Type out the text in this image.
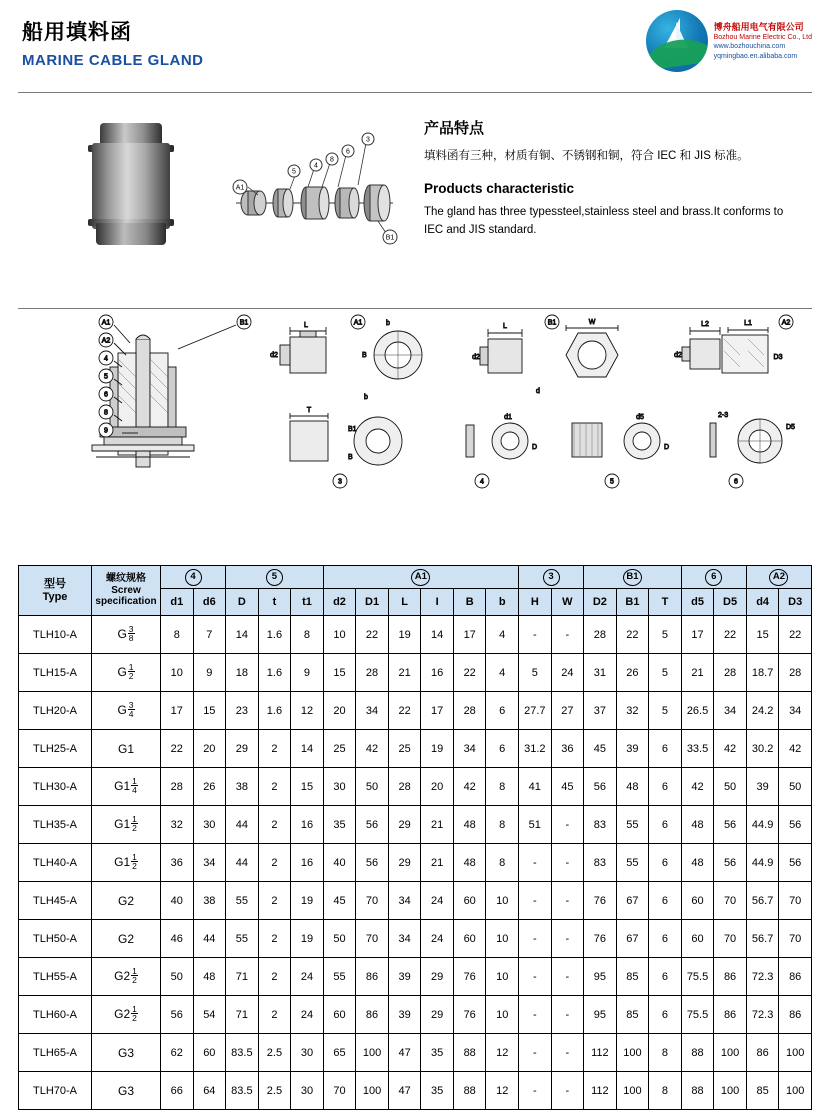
船用填料函
MARINE CABLE GLAND
博舟船用电气有限公司
Bozhou Marine Electric Co., Ltd
www.bozhouchina.com
yqmingbao.en.alibaba.com
3
6
8
4
5
A1
B1
产品特点
填料函有三种，材质有铜、不锈钢和铜，符合 IEC 和 JIS 标准。
Products characteristic
The gland has three typessteel,stainless steel and brass.It conforms to IEC and JIS standard.
A1
A2
4
5
6
8
9
B1	L
d2	B
b
b
A1	L
d2
W
d
B1	L2	L1
d2	D3
A2
T
B1
B
3
d1
D
4
d5
D
5
2-3
D5
6
型号
Type	螺纹规格
Screw
specification	4		5			A1						3		B1			6		A2	
		d1	d6	D	t	t1	d2	D1	L	I	B	b	H	W	D2	B1	T	d5	D5	d4	D3
TLH10-A	G $\frac{3}{8}$	8	7	14	1.6	8	10	22	19	14	17	4	-	-	28	22	5	17	22	15	22
TLH15-A	G $\frac{1}{2}$	10	9	18	1.6	9	15	28	21	16	22	4	5	24	31	26	5	21	28	18.7	28
TLH20-A	G $\frac{3}{4}$	17	15	23	1.6	12	20	34	22	17	28	6	27.7	27	37	32	5	26.5	34	24.2	34
TLH25-A	G1	22	20	29	2	14	25	42	25	19	34	6	31.2	36	45	39	6	33.5	42	30.2	42
TLH30-A	$G1 \frac{1}{4}$	28	26	38	2	15	30	50	28	20	42	8	41	45	56	48	6	42	50	39	50
TLH35-A	$G1 \frac{1}{2}$	32	30	44	2	16	35	56	29	21	48	8	51	-	83	55	6	48	56	44.9	56
TLH40-A	$G1 \frac{1}{2}$	36	34	44	2	16	40	56	29	21	48	8	-	-	83	55	6	48	56	44.9	56
TLH45-A	G2	40	38	55	2	19	45	70	34	24	60	10	-	-	76	67	6	60	70	56.7	70
TLH50-A	G2	46	44	55	2	19	50	70	34	24	60	10	-	-	76	67	6	60	70	56.7	70
TLH55-A	$G2 \frac{1}{2}$	50	48	71	2	24	55	86	39	29	76	10	-	-	95	85	6	75.5	86	72.3	86
TLH60-A	$G2 \frac{1}{2}$	56	54	71	2	24	60	86	39	29	76	10	-	-	95	85	6	75.5	86	72.3	86
TLH65-A	G3	62	60	83.5	2.5	30	65	100	47	35	88	12	-	-	112	100	8	88	100	86	100
TLH70-A	G3	66	64	83.5	2.5	30	70	100	47	35	88	12	-	-	112	100	8	88	100	85	100
